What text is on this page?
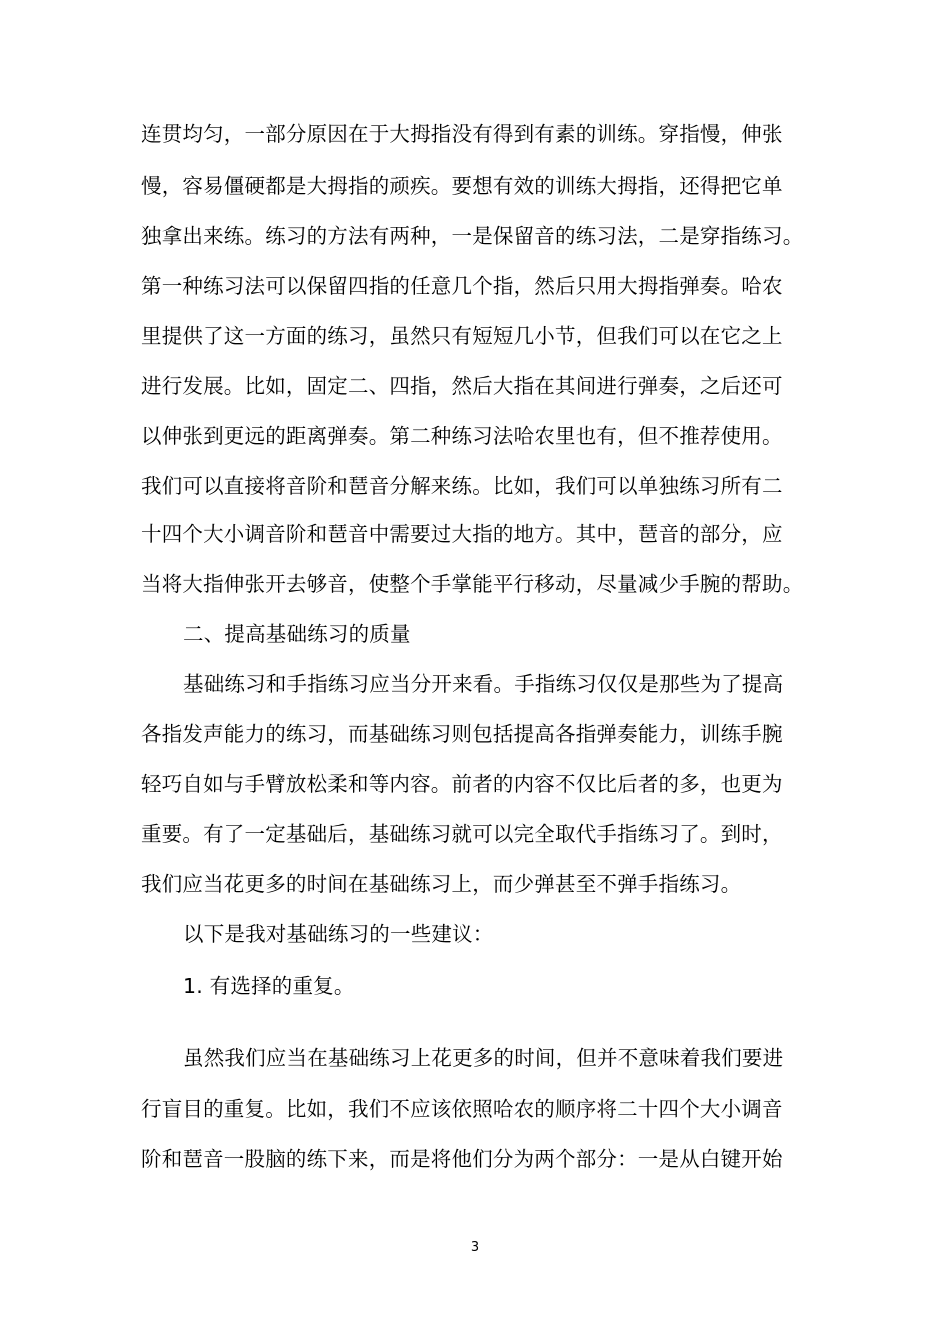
连贯均匀，一部分原因在于大拇指没有得到有素的训练。穿指慢，伸张
慢，容易僵硬都是大拇指的顽疾。要想有效的训练大拇指，还得把它单
独拿出来练。练习的方法有两种，一是保留音的练习法，二是穿指练习。
第一种练习法可以保留四指的任意几个指，然后只用大拇指弹奏。哈农
里提供了这一方面的练习，虽然只有短短几小节，但我们可以在它之上
进行发展。比如，固定二、四指，然后大指在其间进行弹奏，之后还可
以伸张到更远的距离弹奏。第二种练习法哈农里也有，但不推荐使用。
我们可以直接将音阶和琶音分解来练。比如，我们可以单独练习所有二
十四个大小调音阶和琶音中需要过大指的地方。其中，琶音的部分，应
当将大指伸张开去够音，使整个手掌能平行移动，尽量减少手腕的帮助。
二、提高基础练习的质量
基础练习和手指练习应当分开来看。手指练习仅仅是那些为了提高
各指发声能力的练习，而基础练习则包括提高各指弹奏能力，训练手腕
轻巧自如与手臂放松柔和等内容。前者的内容不仅比后者的多，也更为
重要。有了一定基础后，基础练习就可以完全取代手指练习了。到时，
我们应当花更多的时间在基础练习上，而少弹甚至不弹手指练习。
以下是我对基础练习的一些建议：
1. 有选择的重复。
虽然我们应当在基础练习上花更多的时间，但并不意味着我们要进
行盲目的重复。比如，我们不应该依照哈农的顺序将二十四个大小调音
阶和琶音一股脑的练下来，而是将他们分为两个部分：一是从白键开始
3
